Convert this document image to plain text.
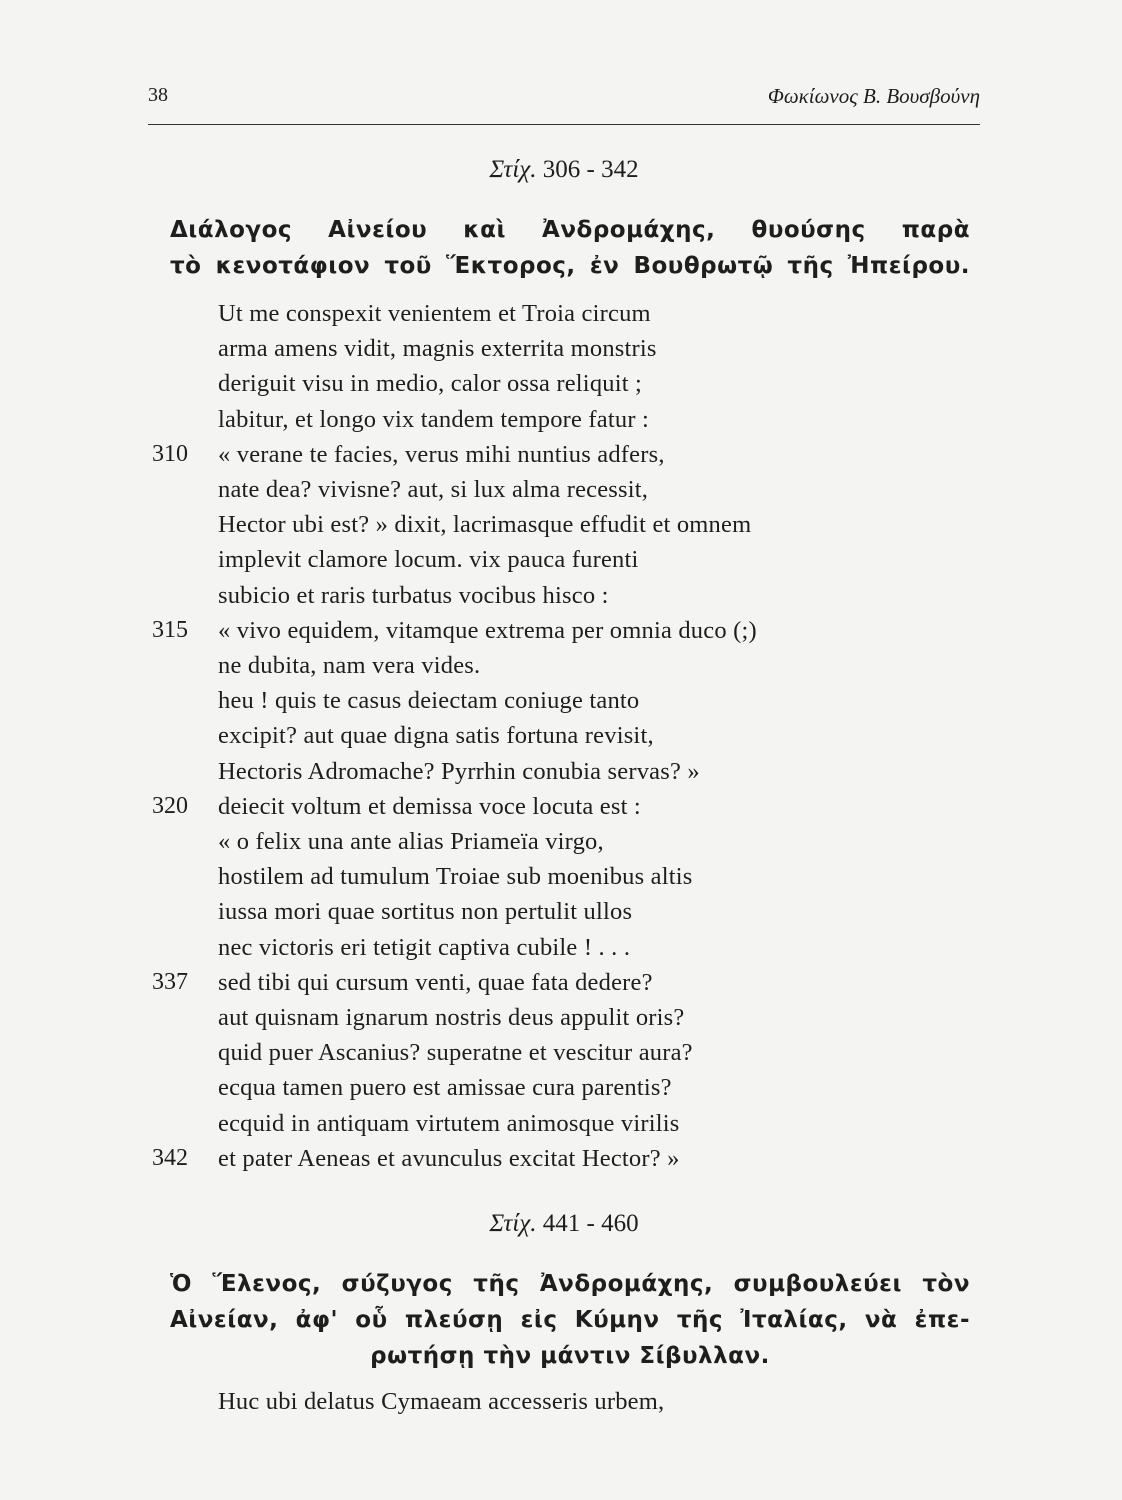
38	Φωκίωνος Β. Βουσβούνη
Στίχ. 306 - 342
Διάλογος Αἰνείου καὶ Ἀνδρομάχης, θυούσης παρὰ
τὸ κενοτάφιον τοῦ Ἕκτορος, ἐν Βουθρωτῷ τῆς Ἠπείρου.
Ut me conspexit venientem et Troia circum
arma amens vidit, magnis exterrita monstris
deriguit visu in medio, calor ossa reliquit ;
labitur, et longo vix tandem tempore fatur :
« verane te facies, verus mihi nuntius adfers,
310
nate dea? vivisne? aut, si lux alma recessit,
Hector ubi est? » dixit, lacrimasque effudit et omnem
implevit clamore locum. vix pauca furenti
subicio et raris turbatus vocibus hisco :
« vivo equidem, vitamque extrema per omnia duco (;)
315
ne dubita, nam vera vides.
heu ! quis te casus deiectam coniuge tanto
excipit? aut quae digna satis fortuna revisit,
Hectoris Adromache? Pyrrhin conubia servas? »
deiecit voltum et demissa voce locuta est :
320
« o felix una ante alias Priameïa virgo,
hostilem ad tumulum Troiae sub moenibus altis
iussa mori quae sortitus non pertulit ullos
nec victoris eri tetigit captiva cubile ! . . .
sed tibi qui cursum venti, quae fata dedere?
337
aut quisnam ignarum nostris deus appulit oris?
quid puer Ascanius? superatne et vescitur aura?
ecqua tamen puero est amissae cura parentis?
ecquid in antiquam virtutem animosque virilis
et pater Aeneas et avunculus excitat Hector? »
342
Στίχ. 441 - 460
Ὁ Ἕλενος, σύζυγος τῆς Ἀνδρομάχης, συμβουλεύει τὸν
Αἰνείαν, ἀφ' οὗ πλεύσῃ εἰς Κύμην τῆς Ἰταλίας, νὰ ἐπε-
ρωτήσῃ τὴν μάντιν Σίβυλλαν.
Huc ubi delatus Cymaeam accesseris urbem,
